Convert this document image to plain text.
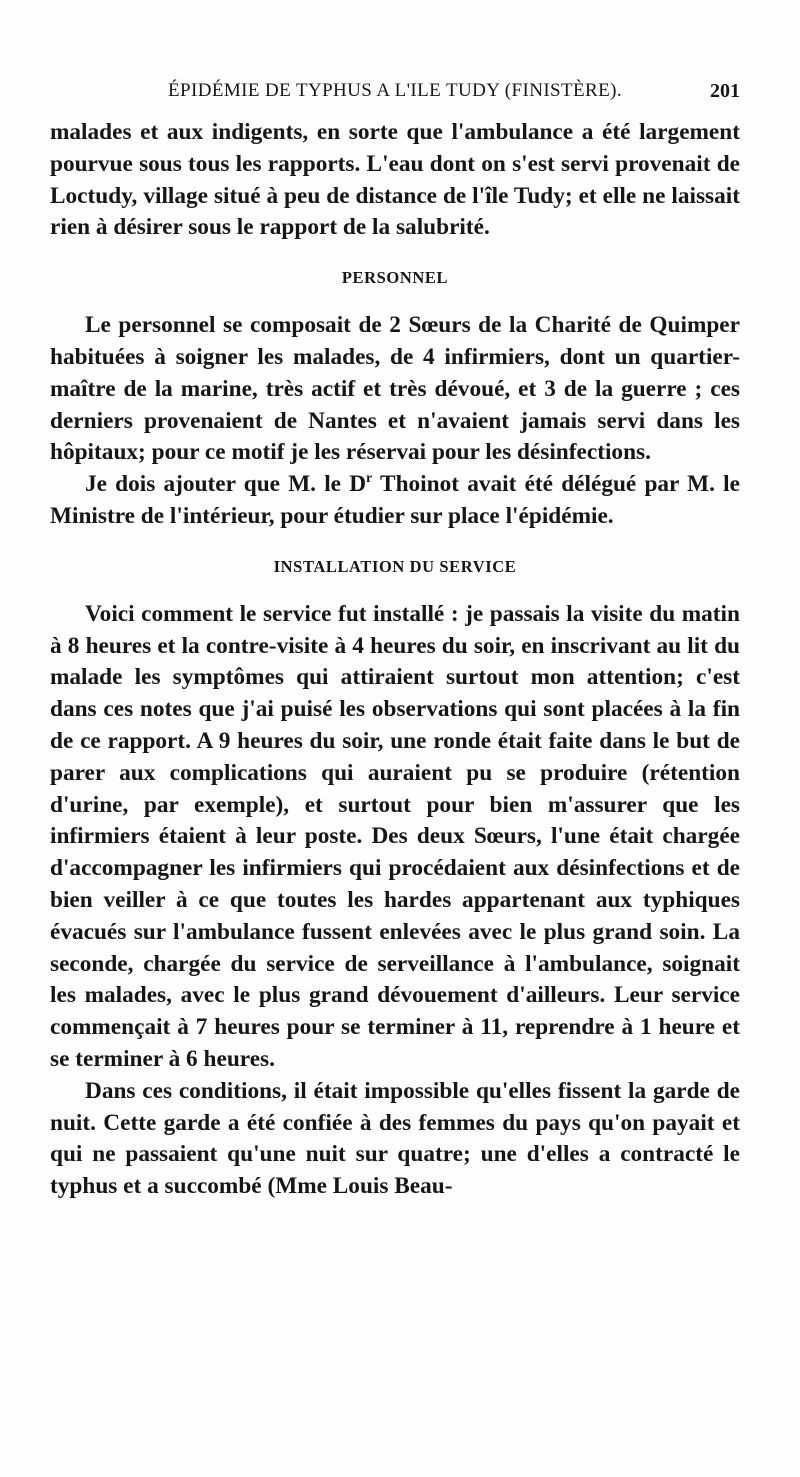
ÉPIDÉMIE DE TYPHUS A L'ILE TUDY (FINISTÈRE).	201

malades et aux indigents, en sorte que l'ambulance a été largement pourvue sous tous les rapports. L'eau dont on s'est servi provenait de Loctudy, village situé à peu de distance de l'île Tudy; et elle ne laissait rien à désirer sous le rapport de la salubrité.

PERSONNEL

Le personnel se composait de 2 Sœurs de la Charité de Quimper habituées à soigner les malades, de 4 infirmiers, dont un quartier-maître de la marine, très actif et très dévoué, et 3 de la guerre ; ces derniers provenaient de Nantes et n'avaient jamais servi dans les hôpitaux; pour ce motif je les réservai pour les désinfections.

Je dois ajouter que M. le $D^r$ Thoinot avait été délégué par M. le Ministre de l'intérieur, pour étudier sur place l'épidémie.

INSTALLATION DU SERVICE

Voici comment le service fut installé : je passais la visite du matin à 8 heures et la contre-visite à 4 heures du soir, en inscrivant au lit du malade les symptômes qui attiraient surtout mon attention; c'est dans ces notes que j'ai puisé les observations qui sont placées à la fin de ce rapport. A 9 heures du soir, une ronde était faite dans le but de parer aux complications qui auraient pu se produire (rétention d'urine, par exemple), et surtout pour bien m'assurer que les infirmiers étaient à leur poste. Des deux Sœurs, l'une était chargée d'accompagner les infirmiers qui procédaient aux désinfections et de bien veiller à ce que toutes les hardes appartenant aux typhiques évacués sur l'ambulance fussent enlevées avec le plus grand soin. La seconde, chargée du service de serveillance à l'ambulance, soignait les malades, avec le plus grand dévouement d'ailleurs. Leur service commençait à 7 heures pour se terminer à 11, reprendre à 1 heure et se terminer à 6 heures.

Dans ces conditions, il était impossible qu'elles fissent la garde de nuit. Cette garde a été confiée à des femmes du pays qu'on payait et qui ne passaient qu'une nuit sur quatre; une d'elles a contracté le typhus et a succombé (Mme Louis Beau-
